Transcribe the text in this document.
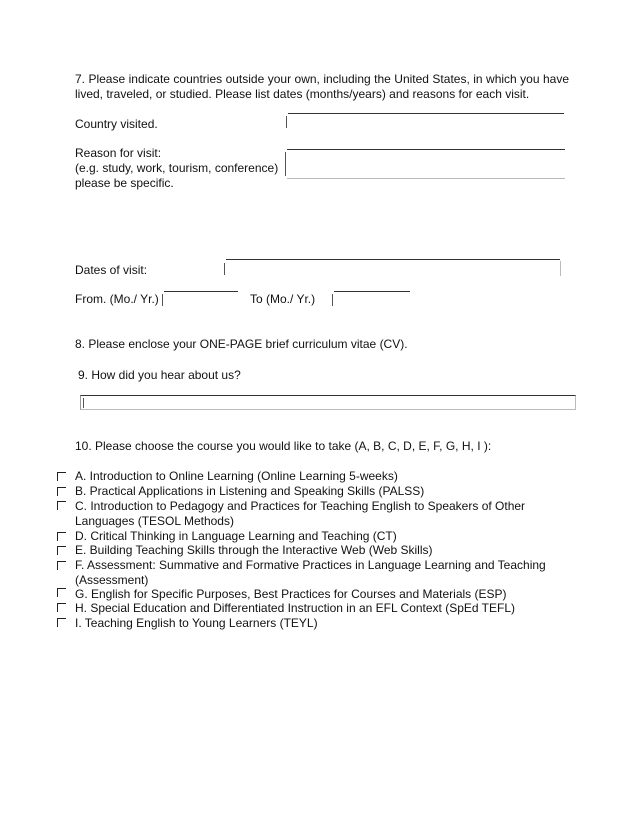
7. Please indicate countries outside your own, including the United States, in which you have lived, traveled, or studied. Please list dates (months/years) and reasons for each visit.
Country visited.
Reason for visit:
(e.g. study, work, tourism, conference)
please be specific.
Dates of visit:
From. (Mo./ Yr.)	To (Mo./ Yr.)
8. Please enclose your ONE-PAGE brief curriculum vitae (CV).
9. How did you hear about us?
10. Please choose the course you would like to take (A, B, C, D, E, F, G, H, I ):
A. Introduction to Online Learning (Online Learning 5-weeks)
B. Practical Applications in Listening and Speaking Skills (PALSS)
C. Introduction to Pedagogy and Practices for Teaching English to Speakers of Other
Languages (TESOL Methods)
D. Critical Thinking in Language Learning and Teaching (CT)
E. Building Teaching Skills through the Interactive Web (Web Skills)
F. Assessment: Summative and Formative Practices in Language Learning and Teaching
(Assessment)
G. English for Specific Purposes, Best Practices for Courses and Materials (ESP)
H. Special Education and Differentiated Instruction in an EFL Context (SpEd TEFL)
I. Teaching English to Young Learners (TEYL)
